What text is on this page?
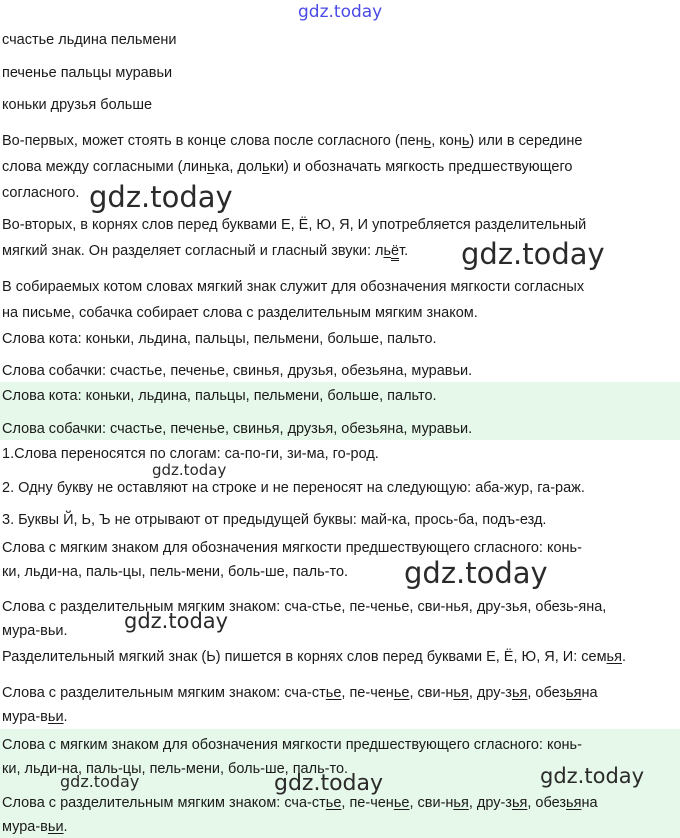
gdz.today
счастье льдина пельмени
печенье пальцы муравьи
коньки друзья больше
Во-первых, может стоять в конце слова после согласного (пень, конь) или в середине
слова между согласными (линька, дольки) и обозначать мягкость предшествующего
согласного. gdz.today
Во-вторых, в корнях слов перед буквами Е, Ё, Ю, Я, И употребляется разделительный
мягкий знак. Он разделяет согласный и гласный звуки: льёт. gdz.today
В собираемых котом словах мягкий знак служит для обозначения мягкости согласных
на письме, собачка собирает слова с разделительным мягким знаком.
Слова кота: коньки, льдина, пальцы, пельмени, больше, пальто.
Слова собачки: счастье, печенье, свинья, друзья, обезьяна, муравьи.
Слова кота: коньки, льдина, пальцы, пельмени, больше, пальто.
Слова собачки: счастье, печенье, свинья, друзья, обезьяна, муравьи.
1.Слова переносятся по слогам: са-по-ги, зи-ма, го-род.
gdz.today
2. Одну букву не оставляют на строке и не переносят на следующую: аба-жур, га-раж.
3. Буквы Й, Ь, Ъ не отрывают от предыдущей буквы: май-ка, прось-ба, подъ-езд.
Слова с мягким знаком для обозначения мягкости предшествующего сгласного: конь-
ки, льди-на, паль-цы, пель-мени, боль-ше, паль-то. gdz.today
Слова с разделительным мягким знаком: сча-стье, пе-ченье, сви-нья, дру-зья, обезь-яна,
gdz.today
мура-вьи.
Разделительный мягкий знак (Ь) пишется в корнях слов перед буквами Е, Ё, Ю, Я, И: семья.
Слова с разделительным мягким знаком: сча-стье, пе-ченье, сви-нья, дру-зья, обезьяна
мура-вьи.
Слова с мягким знаком для обозначения мягкости предшествующего сгласного: конь-
ки, льди-на, паль-цы, пель-мени, боль-ше, паль-то.	gdz.today
gdz.today	gdz.today
Слова с разделительным мягким знаком: сча-стье, пе-ченье, сви-нья, дру-зья, обезьяна
мура-вьи.
